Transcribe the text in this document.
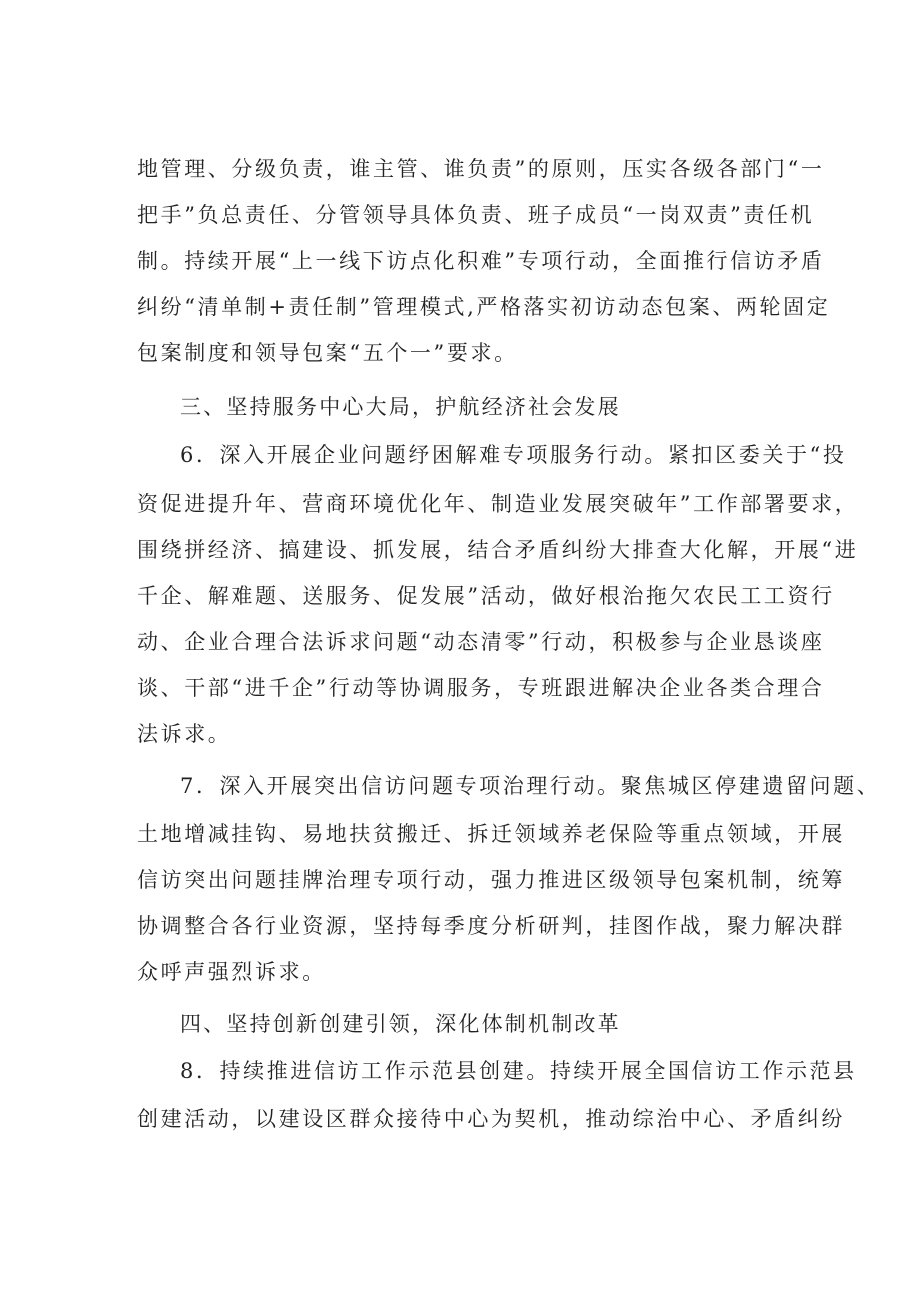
地管理、分级负责，谁主管、谁负责”的原则，压实各级各部门“一

把手”负总责任、分管领导具体负责、班子成员“一岗双责”责任机

制。持续开展“上一线下访点化积难”专项行动，全面推行信访矛盾

纠纷“清单制+责任制”管理模式,严格落实初访动态包案、两轮固定

包案制度和领导包案“五个一”要求。

三、坚持服务中心大局，护航经济社会发展

6．深入开展企业问题纾困解难专项服务行动。紧扣区委关于“投

资促进提升年、营商环境优化年、制造业发展突破年”工作部署要求，

围绕拼经济、搞建设、抓发展，结合矛盾纠纷大排查大化解，开展“进

千企、解难题、送服务、促发展”活动，做好根治拖欠农民工工资行

动、企业合理合法诉求问题“动态清零”行动，积极参与企业恳谈座

谈、干部“进千企”行动等协调服务，专班跟进解决企业各类合理合

法诉求。

7．深入开展突出信访问题专项治理行动。聚焦城区停建遗留问题、

土地增减挂钩、易地扶贫搬迁、拆迁领域养老保险等重点领域，开展

信访突出问题挂牌治理专项行动，强力推进区级领导包案机制，统筹

协调整合各行业资源，坚持每季度分析研判，挂图作战，聚力解决群

众呼声强烈诉求。

四、坚持创新创建引领，深化体制机制改革

8．持续推进信访工作示范县创建。持续开展全国信访工作示范县

创建活动，以建设区群众接待中心为契机，推动综治中心、矛盾纠纷
